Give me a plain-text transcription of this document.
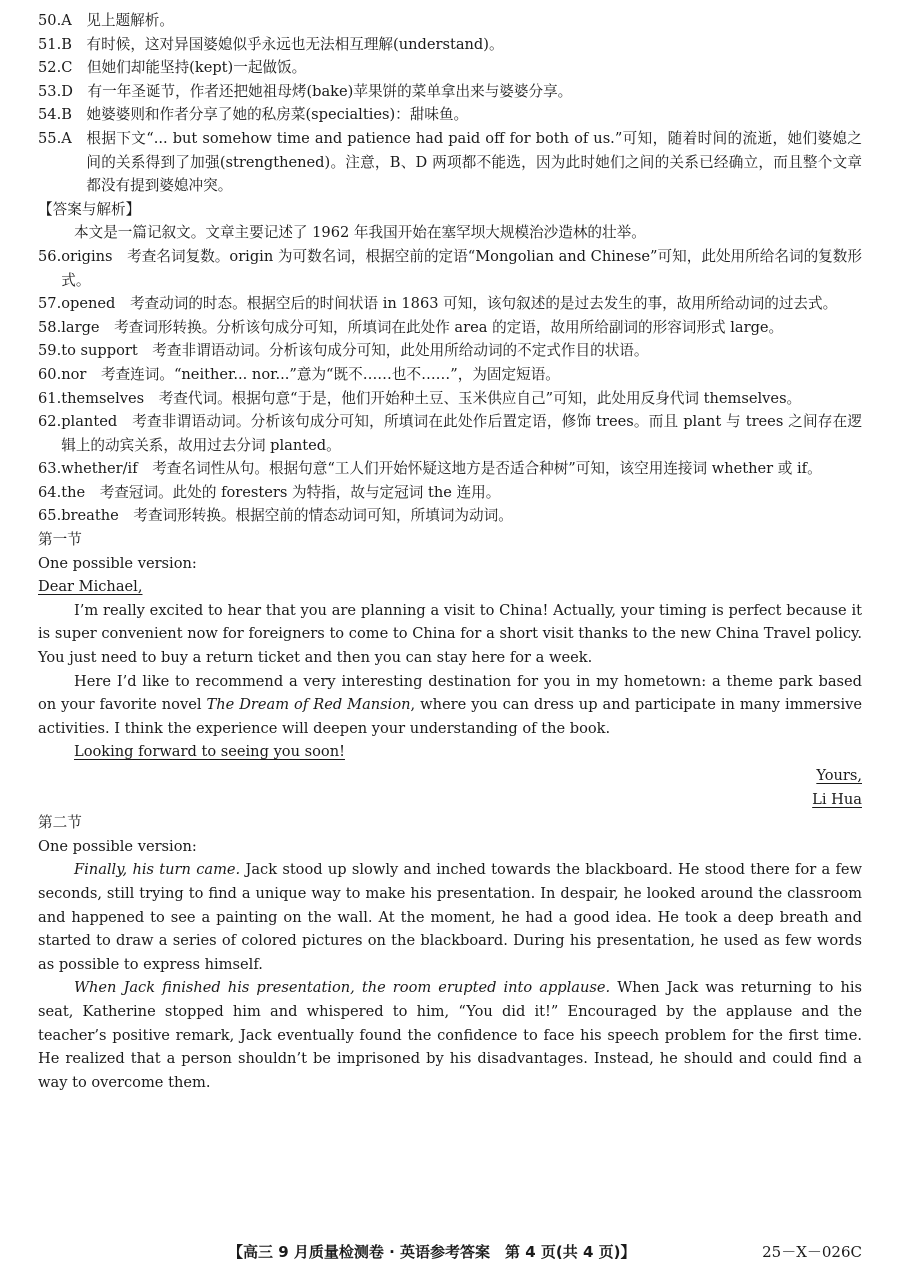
50.A
　 见上题解析。
51.B
　 有时候，这对异国婆媳似乎永远也无法相互理解(understand)。
52.C
　 但她们却能坚持(kept)一起做饭。
53.D
　 有一年圣诞节，作者还把她祖母烤(bake)苹果饼的菜单拿出来与婆婆分享。
54.B
　 她婆婆则和作者分享了她的私房菜(specialties)：甜味鱼。
55.A
　 根据下文“... but somehow time and patience had paid off for both of us.”可知，随着时间的流逝，她们婆媳之间的关系得到了加强(strengthened)。注意，B、D 两项都不能选，因为此时她们之间的关系已经确立，而且整个文章都没有提到婆媳冲突。
【答案与解析】
本文是一篇记叙文。文章主要记述了 1962 年我国开始在塞罕坝大规模治沙造林的壮举。
56. origins　考查名词复数。origin 为可数名词，根据空前的定语“Mongolian and Chinese”可知，此处用所给名词的复数形式。
57. opened　考查动词的时态。根据空后的时间状语 in 1863 可知，该句叙述的是过去发生的事，故用所给动词的过去式。
58. large　考查词形转换。分析该句成分可知，所填词在此处作 area 的定语，故用所给副词的形容词形式 large。
59. to support　考查非谓语动词。分析该句成分可知，此处用所给动词的不定式作目的状语。
60. nor　考查连词。“neither... nor...”意为“既不……也不……”，为固定短语。
61. themselves　考查代词。根据句意“于是，他们开始种土豆、玉米供应自己”可知，此处用反身代词 themselves。
62. planted　考查非谓语动词。分析该句成分可知，所填词在此处作后置定语，修饰 trees。而且 plant 与 trees 之间存在逻辑上的动宾关系，故用过去分词 planted。
63. whether/if　考查名词性从句。根据句意“工人们开始怀疑这地方是否适合种树”可知，该空用连接词 whether 或 if。
64. the　考查冠词。此处的 foresters 为特指，故与定冠词 the 连用。
65. breathe　考查词形转换。根据空前的情态动词可知，所填词为动词。
第一节
One possible version:
Dear Michael,
I’m really excited to hear that you are planning a visit to China! Actually, your timing is perfect because it is super convenient now for foreigners to come to China for a short visit thanks to the new China Travel policy. You just need to buy a return ticket and then you can stay here for a week.
Here I’d like to recommend a very interesting destination for you in my hometown: a theme park based on your favorite novel The Dream of Red Mansion, where you can dress up and participate in many immersive activities. I think the experience will deepen your understanding of the book.
Looking forward to seeing you soon!
Yours,
Li Hua
第二节
One possible version:
Finally, his turn came. Jack stood up slowly and inched towards the blackboard. He stood there for a few seconds, still trying to find a unique way to make his presentation. In despair, he looked around the classroom and happened to see a painting on the wall. At the moment, he had a good idea. He took a deep breath and started to draw a series of colored pictures on the blackboard. During his presentation, he used as few words as possible to express himself.
When Jack finished his presentation, the room erupted into applause. When Jack was returning to his seat, Katherine stopped him and whispered to him, “You did it!” Encouraged by the applause and the teacher’s positive remark, Jack eventually found the confidence to face his speech problem for the first time. He realized that a person shouldn’t be imprisoned by his disadvantages. Instead, he should and could find a way to overcome them.
【高三 9 月质量检测卷 · 英语参考答案　第 4 页(共 4 页)】	25－X－026C
